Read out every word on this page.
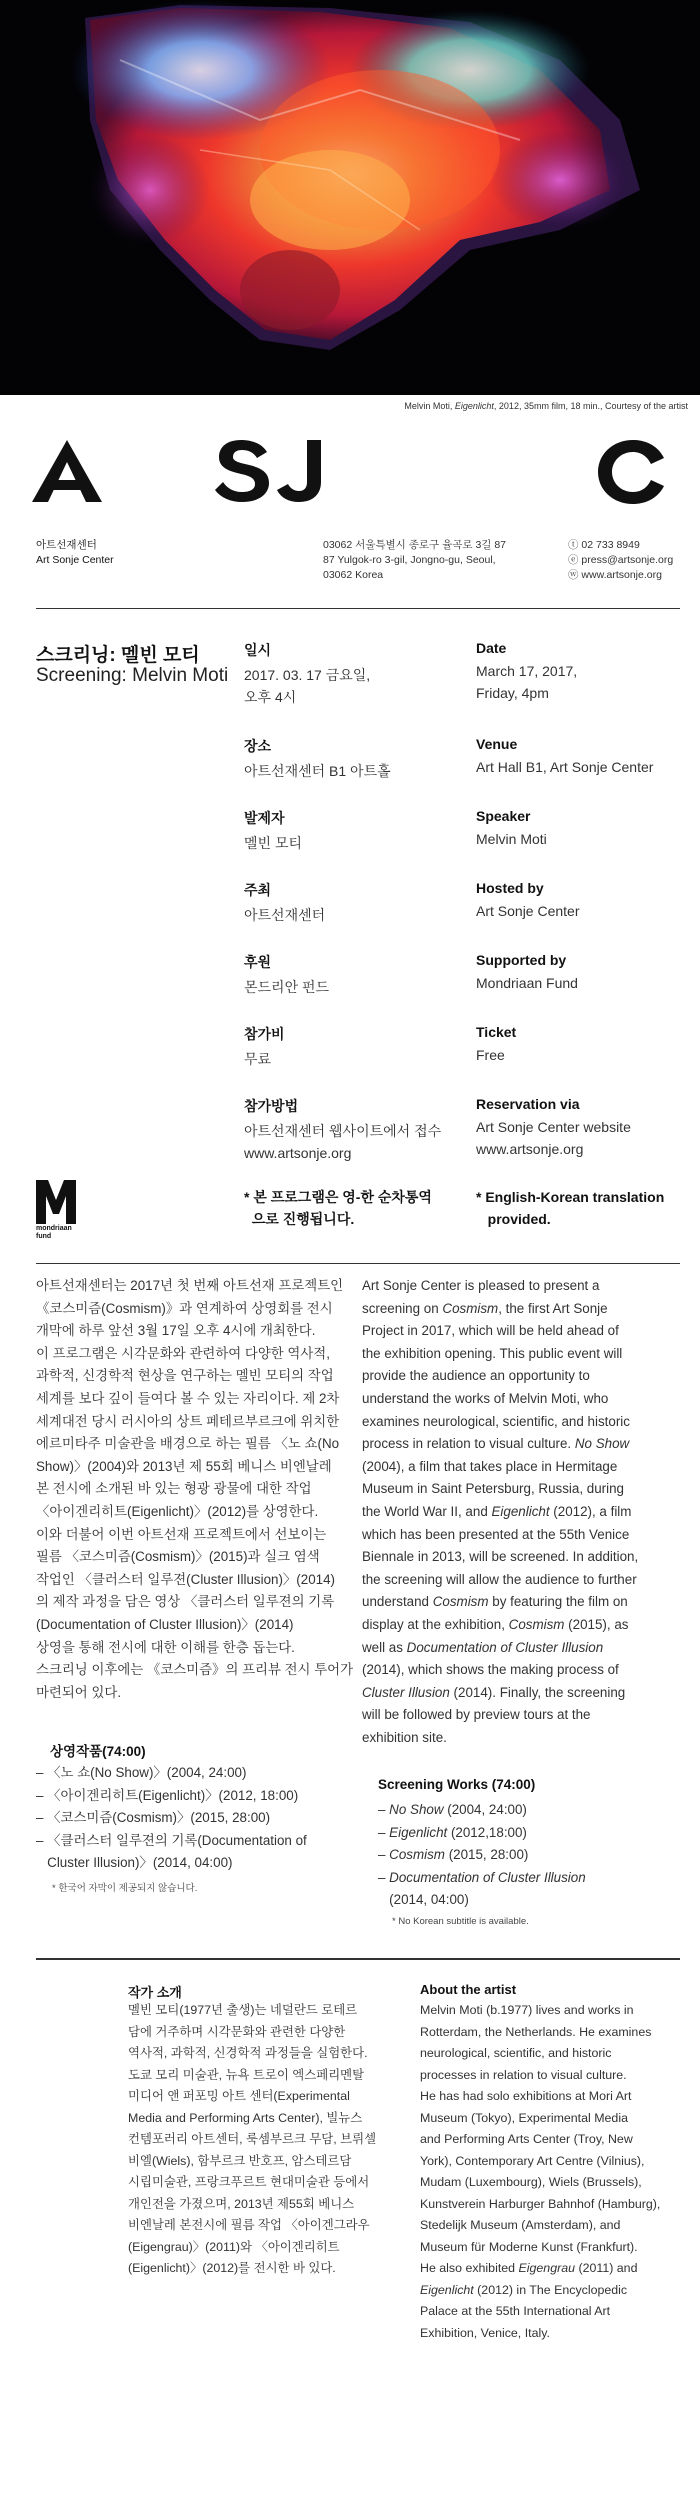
Melvin Moti, Eigenlicht, 2012, 35mm film, 18 min., Courtesy of the artist
아트선재센터
Art Sonje Center
03062 서울특별시 종로구 율곡로 3길 87
87 Yulgok-ro 3-gil, Jongno-gu, Seoul,
03062 Korea
ⓣ 02 733 8949
ⓔ press@artsonje.org
ⓦ www.artsonje.org
스크리닝: 멜빈 모티
Screening: Melvin Moti
일시
2017. 03. 17 금요일,
오후 4시
장소
아트선재센터 B1 아트홀
발제자
멜빈 모티
주최
아트선재센터
후원
몬드리안 펀드
참가비
무료
참가방법
아트선재센터 웹사이트에서 접수
www.artsonje.org
* 본 프로그램은 영-한 순차통역
으로 진행됩니다.
Date
March 17, 2017,
Friday, 4pm
Venue
Art Hall B1, Art Sonje Center
Speaker
Melvin Moti
Hosted by
Art Sonje Center
Supported by
Mondriaan Fund
Ticket
Free
Reservation via
Art Sonje Center website
www.artsonje.org
* English-Korean translation
provided.
mondriaan
fund
아트선재센터는 2017년 첫 번째 아트선재 프로젝트인
《코스미즘(Cosmism)》과 연계하여 상영회를 전시
개막에 하루 앞선 3월 17일 오후 4시에 개최한다.
이 프로그램은 시각문화와 관련하여 다양한 역사적,
과학적, 신경학적 현상을 연구하는 멜빈 모티의 작업
세계를 보다 깊이 들여다 볼 수 있는 자리이다. 제 2차
세계대전 당시 러시아의 상트 페테르부르크에 위치한
에르미타주 미술관을 배경으로 하는 필름 〈노 쇼(No
Show)〉(2004)와 2013년 제 55회 베니스 비엔날레
본 전시에 소개된 바 있는 형광 광물에 대한 작업
〈아이겐리히트(Eigenlicht)〉(2012)를 상영한다.
이와 더불어 이번 아트선재 프로젝트에서 선보이는
필름 〈코스미즘(Cosmism)〉(2015)과 실크 염색
작업인 〈클러스터 일루젼(Cluster Illusion)〉(2014)
의 제작 과정을 담은 영상 〈클러스터 일루젼의 기록
(Documentation of Cluster Illusion)〉(2014)
상영을 통해 전시에 대한 이해를 한층 돕는다.
스크리닝 이후에는 《코스미즘》의 프리뷰 전시 투어가
마련되어 있다.
Art Sonje Center is pleased to present a
screening on Cosmism, the first Art Sonje
Project in 2017, which will be held ahead of
the exhibition opening. This public event will
provide the audience an opportunity to
understand the works of Melvin Moti, who
examines neurological, scientific, and historic
process in relation to visual culture. No Show
(2004), a film that takes place in Hermitage
Museum in Saint Petersburg, Russia, during
the World War II, and Eigenlicht (2012), a film
which has been presented at the 55th Venice
Biennale in 2013, will be screened. In addition,
the screening will allow the audience to further
understand Cosmism by featuring the film on
display at the exhibition, Cosmism (2015), as
well as Documentation of Cluster Illusion
(2014), which shows the making process of
Cluster Illusion (2014). Finally, the screening
will be followed by preview tours at the
exhibition site.
상영작품(74:00)
– 〈노 쇼(No Show)〉(2004, 24:00)
– 〈아이겐리히트(Eigenlicht)〉(2012, 18:00)
– 〈코스미즘(Cosmism)〉(2015, 28:00)
– 〈클러스터 일루젼의 기록(Documentation of
Cluster Illusion)〉(2014, 04:00)
* 한국어 자막이 제공되지 않습니다.
Screening Works (74:00)
– No Show (2004, 24:00)
– Eigenlicht (2012,18:00)
– Cosmism (2015, 28:00)
– Documentation of Cluster Illusion
(2014, 04:00)
* No Korean subtitle is available.
작가 소개
멜빈 모티(1977년 출생)는 네덜란드 로테르
담에 거주하며 시각문화와 관련한 다양한
역사적, 과학적, 신경학적 과정들을 실험한다.
도쿄 모리 미술관, 뉴욕 트로이 엑스페리멘탈
미디어 앤 퍼포밍 아트 센터(Experimental
Media and Performing Arts Center), 빌뉴스
컨템포러리 아트센터, 룩셈부르크 무담, 브뤼셀
비엘(Wiels), 함부르크 반호프, 암스테르담
시립미술관, 프랑크푸르트 현대미술관 등에서
개인전을 가졌으며, 2013년 제55회 베니스
비엔날레 본전시에 필름 작업 〈아이겐그라우
(Eigengrau)〉(2011)와 〈아이겐리히트
(Eigenlicht)〉(2012)를 전시한 바 있다.
About the artist
Melvin Moti (b.1977) lives and works in
Rotterdam, the Netherlands. He examines
neurological, scientific, and historic
processes in relation to visual culture.
He has had solo exhibitions at Mori Art
Museum (Tokyo), Experimental Media
and Performing Arts Center (Troy, New
York), Contemporary Art Centre (Vilnius),
Mudam (Luxembourg), Wiels (Brussels),
Kunstverein Harburger Bahnhof (Hamburg),
Stedelijk Museum (Amsterdam), and
Museum für Moderne Kunst (Frankfurt).
He also exhibited Eigengrau (2011) and
Eigenlicht (2012) in The Encyclopedic
Palace at the 55th International Art
Exhibition, Venice, Italy.
